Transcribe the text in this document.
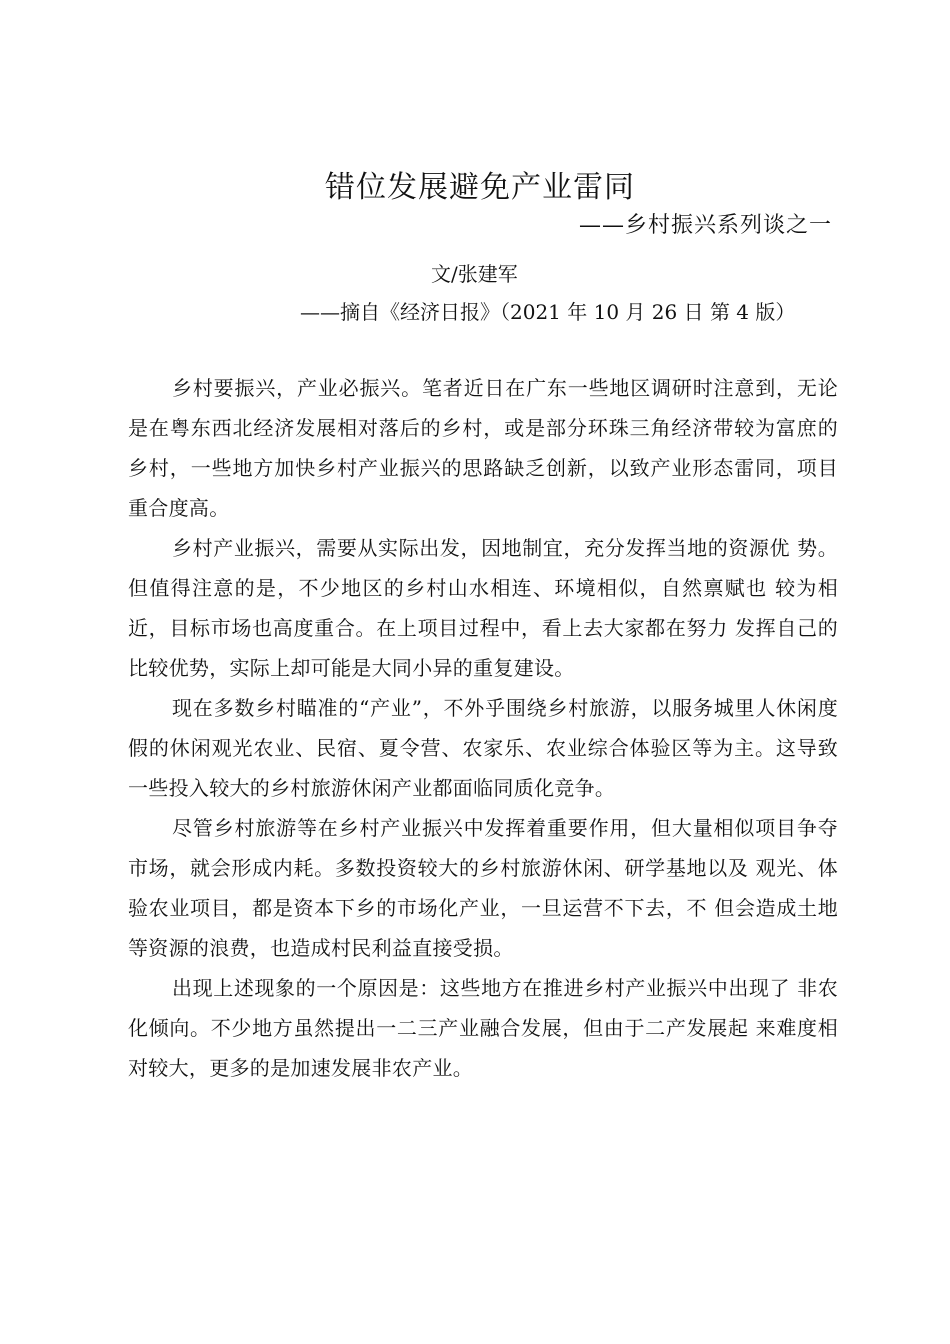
错位发展避免产业雷同
——乡村振兴系列谈之一
文/张建军
——摘自《经济日报》（2021 年 10 月 26 日 第 4 版）

乡村要振兴，产业必振兴。笔者近日在广东一些地区调研时注意到，无论是在粤东西北经济发展相对落后的乡村，或是部分环珠三角经济带较为富庶的乡村，一些地方加快乡村产业振兴的思路缺乏创新，以致产业形态雷同，项目重合度高。

乡村产业振兴，需要从实际出发，因地制宜，充分发挥当地的资源优 势。但值得注意的是，不少地区的乡村山水相连、环境相似，自然禀赋也 较为相近，目标市场也高度重合。在上项目过程中，看上去大家都在努力 发挥自己的比较优势，实际上却可能是大同小异的重复建设。

现在多数乡村瞄准的“产业”，不外乎围绕乡村旅游，以服务城里人休闲度假的休闲观光农业、民宿、夏令营、农家乐、农业综合体验区等为主。这导致一些投入较大的乡村旅游休闲产业都面临同质化竞争。

尽管乡村旅游等在乡村产业振兴中发挥着重要作用，但大量相似项目争夺市场，就会形成内耗。多数投资较大的乡村旅游休闲、研学基地以及 观光、体验农业项目，都是资本下乡的市场化产业，一旦运营不下去，不 但会造成土地等资源的浪费，也造成村民利益直接受损。

出现上述现象的一个原因是：这些地方在推进乡村产业振兴中出现了 非农化倾向。不少地方虽然提出一二三产业融合发展，但由于二产发展起 来难度相对较大，更多的是加速发展非农产业。
